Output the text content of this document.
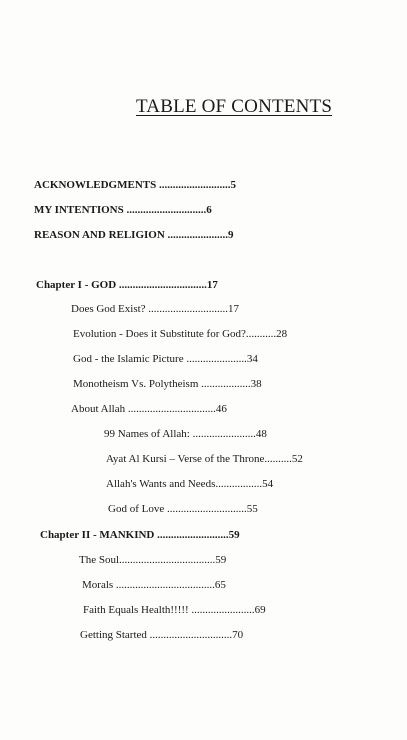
TABLE OF CONTENTS
ACKNOWLEDGMENTS ..........................5
MY INTENTIONS .............................6
REASON AND RELIGION ......................9
Chapter I - GOD ................................17
Does God Exist? .............................17
Evolution - Does it Substitute for God?...........28
God - the Islamic Picture ......................34
Monotheism Vs. Polytheism ..................38
About Allah ................................46
99 Names of Allah: .......................48
Ayat Al Kursi – Verse of the Throne..........52
Allah's Wants and Needs.................54
God of Love .............................55
Chapter II - MANKIND ..........................59
The Soul...................................59
Morals ....................................65
Faith Equals Health!!!!! .......................69
Getting Started ..............................70
